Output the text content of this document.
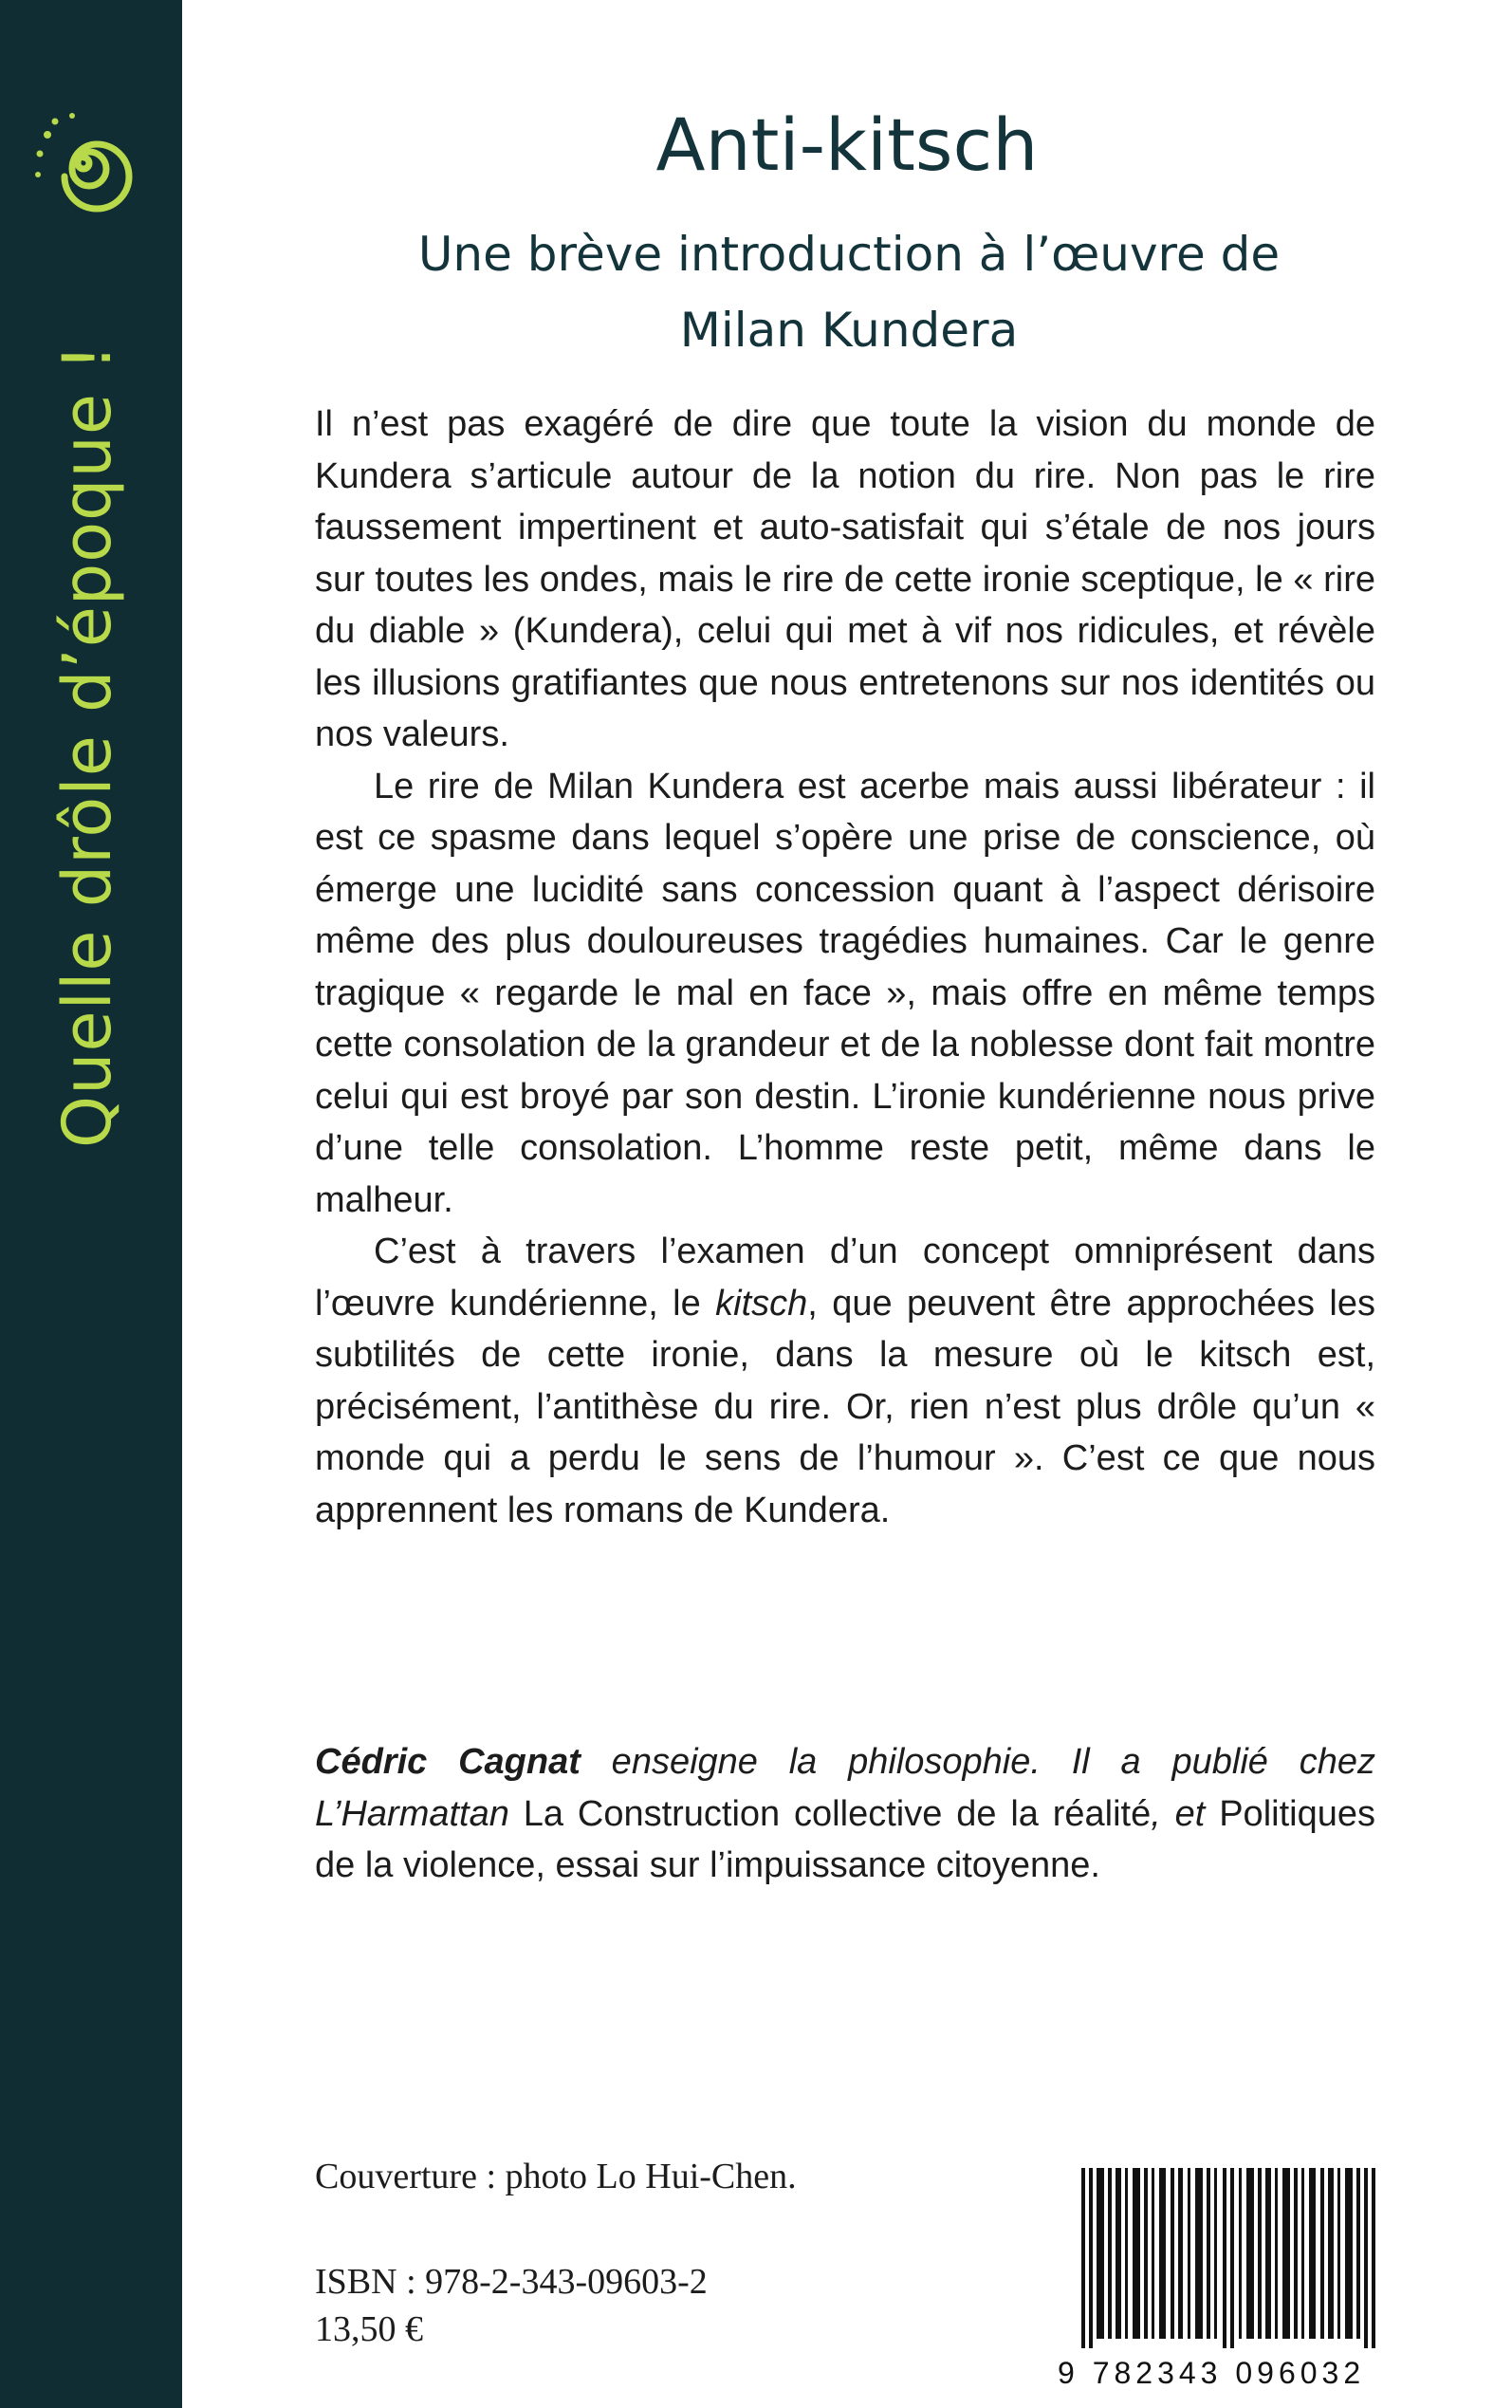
Quelle drôle d’époque !
Anti-kitsch
Une brève introduction à l’œuvre de
Milan Kundera

Il n’est pas exagéré de dire que toute la vision du monde de Kundera s’articule autour de la notion du rire. Non pas le rire faussement impertinent et auto-satisfait qui s’étale de nos jours sur toutes les ondes, mais le rire de cette ironie sceptique, le « rire du diable » (Kundera), celui qui met à vif nos ridicules, et révèle les illusions gratifiantes que nous entretenons sur nos identités ou nos valeurs.

Le rire de Milan Kundera est acerbe mais aussi libérateur : il est ce spasme dans lequel s’opère une prise de conscience, où émerge une lucidité sans concession quant à l’aspect dérisoire même des plus douloureuses tragédies humaines. Car le genre tragique « regarde le mal en face », mais offre en même temps cette consolation de la grandeur et de la noblesse dont fait montre celui qui est broyé par son destin. L’ironie kundérienne nous prive d’une telle consolation. L’homme reste petit, même dans le malheur.

C’est à travers l’examen d’un concept omniprésent dans l’œuvre kundérienne, le kitsch, que peuvent être approchées les subtilités de cette ironie, dans la mesure où le kitsch est, précisément, l’antithèse du rire. Or, rien n’est plus drôle qu’un « monde qui a perdu le sens de l’humour ». C’est ce que nous apprennent les romans de Kundera.

Cédric Cagnat enseigne la philosophie. Il a publié chez L’Harmattan La Construction collective de la réalité, et Politiques de la violence, essai sur l’impuissance citoyenne.
Couverture : photo Lo Hui-Chen.
ISBN : 978-2-343-09603-2
13,50 €
9 782343 096032
